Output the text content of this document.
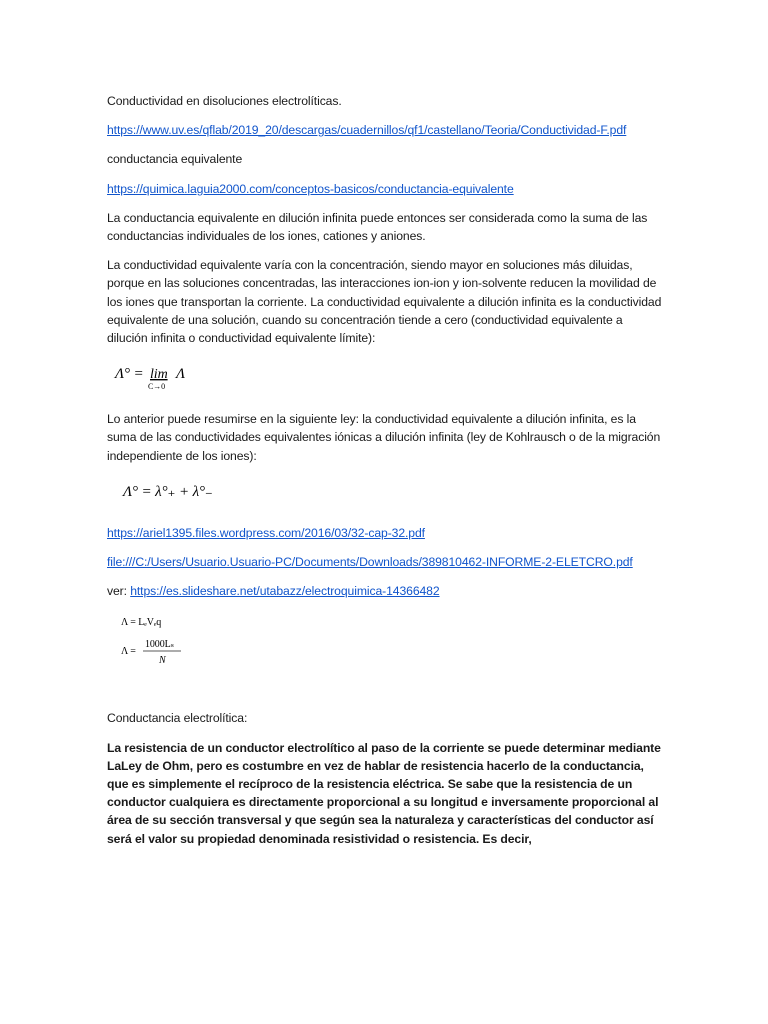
Conductividad en disoluciones electrolíticas.

https://www.uv.es/qflab/2019_20/descargas/cuadernillos/qf1/castellano/Teoria/Conductividad-F.pdf

conductancia equivalente

https://quimica.laguia2000.com/conceptos-basicos/conductancia-equivalente

La conductancia equivalente en dilución infinita puede entonces ser considerada como la suma de las conductancias individuales de los iones, cationes y aniones.

La conductividad equivalente varía con la concentración, siendo mayor en soluciones más diluidas, porque en las soluciones concentradas, las interacciones ion-ion y ion-solvente reducen la movilidad de los iones que transportan la corriente. La conductividad equivalente a dilución infinita es la conductividad equivalente de una solución, cuando su concentración tiende a cero (conductividad equivalente a dilución infinita o conductividad equivalente límite):

Λ° = lim
C→0
Λ

Lo anterior puede resumirse en la siguiente ley: la conductividad equivalente a dilución infinita, es la suma de las conductividades equivalentes iónicas a dilución infinita (ley de Kohlrausch o de la migración independiente de los iones):

Λ° = λ°₊ + λ°₋

https://ariel1395.files.wordpress.com/2016/03/32-cap-32.pdf

file:///C:/Users/Usuario.Usuario-PC/Documents/Downloads/389810462-INFORME-2-ELETCRO.pdf

ver: https://es.slideshare.net/utabazz/electroquimica-14366482

Λ = LₑVₑq
Λ =
1000Lₛ
N

Conductancia electrolítica:

La resistencia de un conductor electrolítico al paso de la corriente se puede determinar mediante LaLey de Ohm, pero es costumbre en vez de hablar de resistencia hacerlo de la conductancia, que es simplemente el recíproco de la resistencia eléctrica. Se sabe que la resistencia de un conductor cualquiera es directamente proporcional a su longitud e inversamente proporcional al área de su sección transversal y que según sea la naturaleza y características del conductor así será el valor su propiedad denominada resistividad o resistencia. Es decir,
